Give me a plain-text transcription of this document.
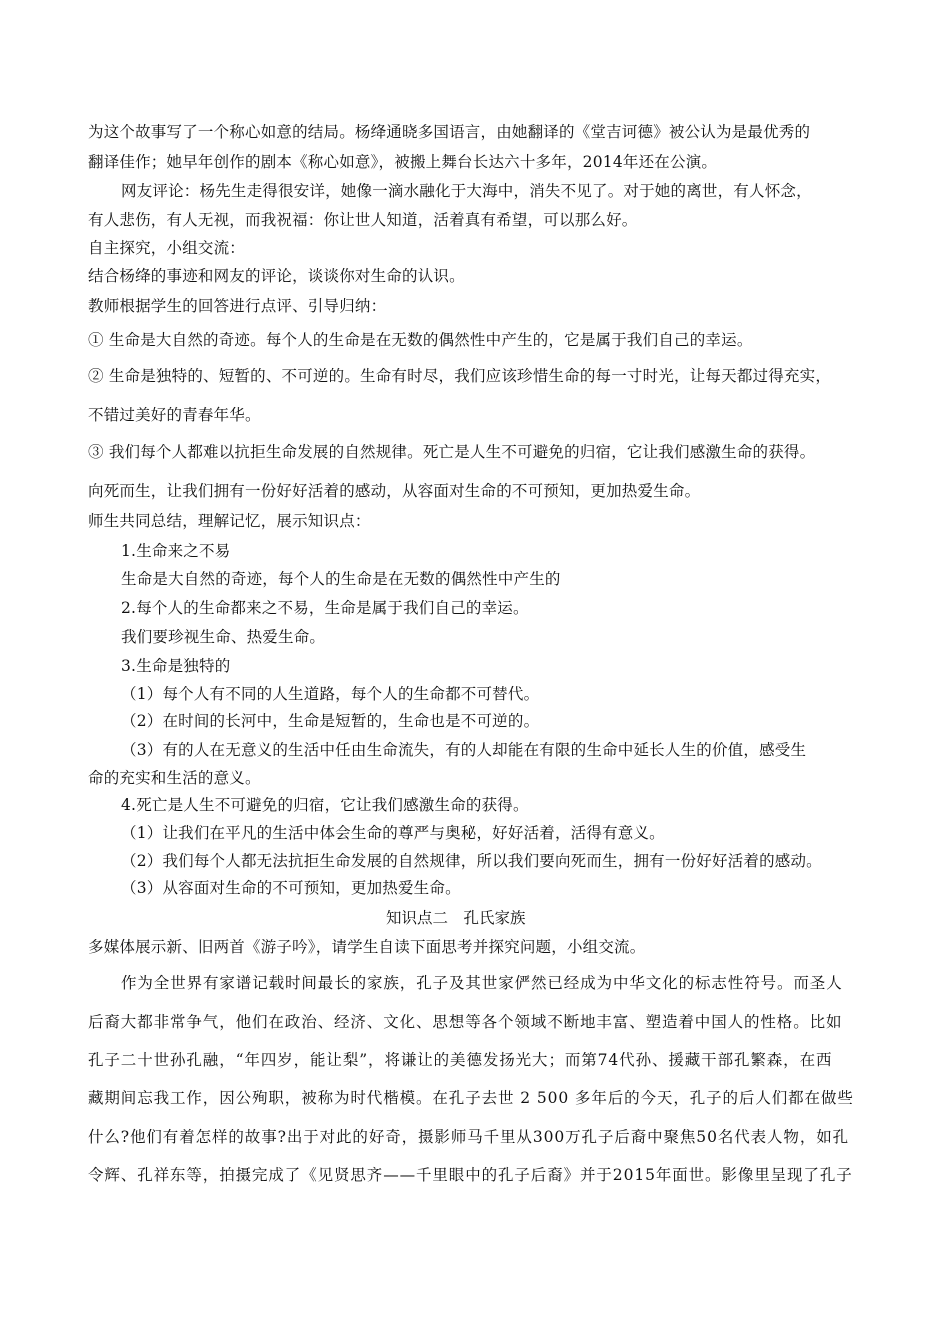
为这个故事写了一个称心如意的结局。杨绛通晓多国语言，由她翻译的《堂吉诃德》被公认为是最优秀的
翻译佳作；她早年创作的剧本《称心如意》，被搬上舞台长达六十多年，2014年还在公演。
网友评论：杨先生走得很安详，她像一滴水融化于大海中，消失不见了。对于她的离世，有人怀念，
有人悲伤，有人无视，而我祝福：你让世人知道，活着真有希望，可以那么好。
自主探究，小组交流：
结合杨绛的事迹和网友的评论，谈谈你对生命的认识。
教师根据学生的回答进行点评、引导归纳：
① 生命是大自然的奇迹。每个人的生命是在无数的偶然性中产生的，它是属于我们自己的幸运。
② 生命是独特的、短暂的、不可逆的。生命有时尽，我们应该珍惜生命的每一寸时光，让每天都过得充实，
不错过美好的青春年华。
③ 我们每个人都难以抗拒生命发展的自然规律。死亡是人生不可避免的归宿，它让我们感激生命的获得。
向死而生，让我们拥有一份好好活着的感动，从容面对生命的不可预知，更加热爱生命。
师生共同总结，理解记忆，展示知识点：
1.生命来之不易
生命是大自然的奇迹，每个人的生命是在无数的偶然性中产生的
2.每个人的生命都来之不易，生命是属于我们自己的幸运。
我们要珍视生命、热爱生命。
3.生命是独特的
（1）每个人有不同的人生道路，每个人的生命都不可替代。
（2）在时间的长河中，生命是短暂的，生命也是不可逆的。
（3）有的人在无意义的生活中任由生命流失，有的人却能在有限的生命中延长人生的价值，感受生
命的充实和生活的意义。
4.死亡是人生不可避免的归宿，它让我们感激生命的获得。
（1）让我们在平凡的生活中体会生命的尊严与奥秘，好好活着，活得有意义。
（2）我们每个人都无法抗拒生命发展的自然规律，所以我们要向死而生，拥有一份好好活着的感动。
（3）从容面对生命的不可预知，更加热爱生命。
知识点二　孔氏家族
多媒体展示新、旧两首《游子吟》，请学生自读下面思考并探究问题，小组交流。
作为全世界有家谱记载时间最长的家族，孔子及其世家俨然已经成为中华文化的标志性符号。而圣人
后裔大都非常争气，他们在政治、经济、文化、思想等各个领域不断地丰富、塑造着中国人的性格。比如
孔子二十世孙孔融，“年四岁，能让梨”，将谦让的美德发扬光大；而第74代孙、援藏干部孔繁森，在西
藏期间忘我工作，因公殉职，被称为时代楷模。在孔子去世 2 500 多年后的今天，孔子的后人们都在做些
什么?他们有着怎样的故事?出于对此的好奇，摄影师马千里从300万孔子后裔中聚焦50名代表人物，如孔
令辉、孔祥东等，拍摄完成了《见贤思齐——千里眼中的孔子后裔》并于2015年面世。影像里呈现了孔子
